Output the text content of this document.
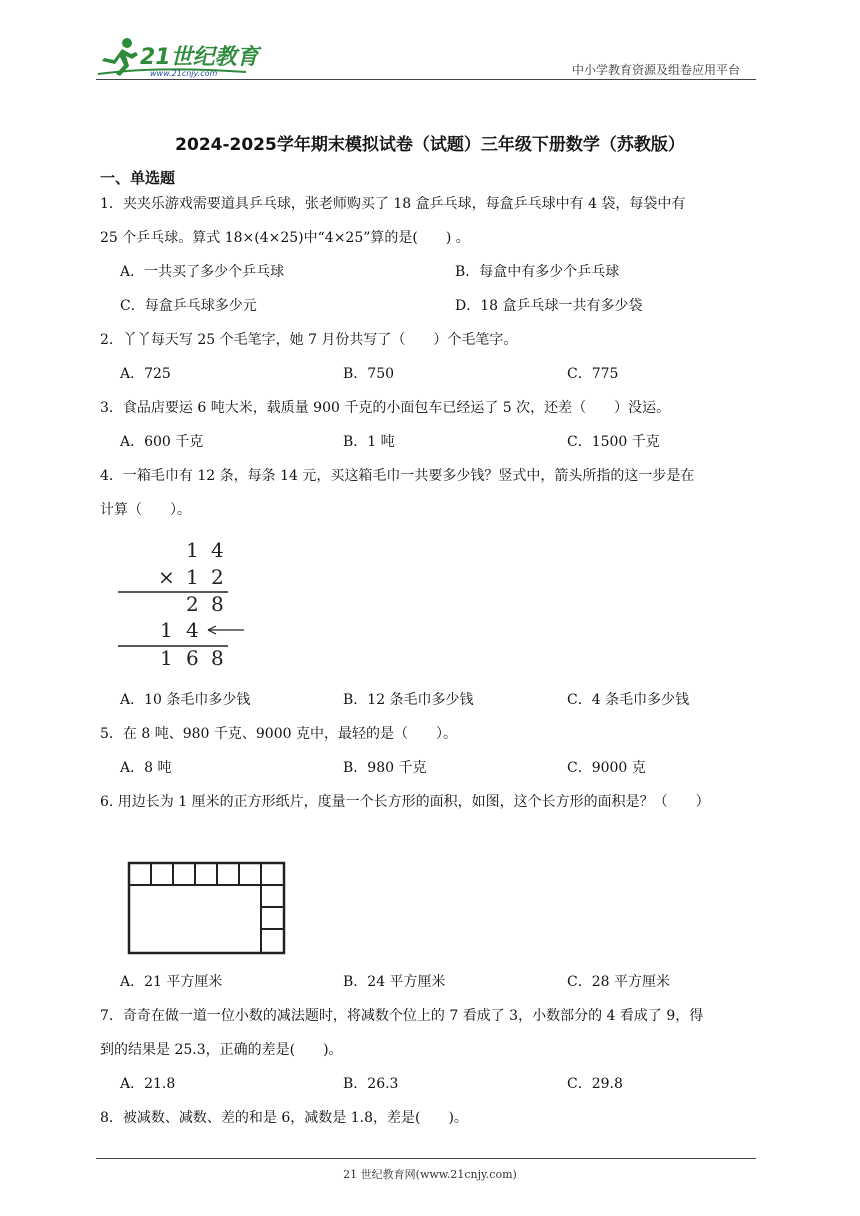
21世纪教育
www.21cnjy.com	中小学教育资源及组卷应用平台
2024-2025学年期末模拟试卷（试题）三年级下册数学（苏教版）
一、单选题
1．夹夹乐游戏需要道具乒乓球，张老师购买了 18 盒乒乓球，每盒乒乓球中有 4 袋，每袋中有
25 个乒乓球。算式 18×(4×25)中“4×25”算的是(　　) 。
A．一共买了多少个乒乓球	B．每盒中有多少个乒乓球
C．每盒乒乓球多少元	D．18 盒乒乓球一共有多少袋
2．丫丫每天写 25 个毛笔字，她 7 月份共写了（　　）个毛笔字。
A．725	B．750	C．775
3．食品店要运 6 吨大米，载质量 900 千克的小面包车已经运了 5 次，还差（　　）没运。
A．600 千克	B．1 吨	C．1500 千克
4．一箱毛巾有 12 条，每条 14 元，买这箱毛巾一共要多少钱？竖式中，箭头所指的这一步是在
计算（　　）。
1 4
× 1 2
2 8
1 4
1 6 8
A．10 条毛巾多少钱	B．12 条毛巾多少钱	C．4 条毛巾多少钱
5．在 8 吨、980 千克、9000 克中，最轻的是（　　）。
A．8 吨	B．980 千克	C．9000 克
6. 用边长为 1 厘米的正方形纸片，度量一个长方形的面积，如图，这个长方形的面积是？（　　）
A．21 平方厘米	B．24 平方厘米	C．28 平方厘米
7．奇奇在做一道一位小数的减法题时，将减数个位上的 7 看成了 3，小数部分的 4 看成了 9，得
到的结果是 25.3，正确的差是(　　)。
A．21.8	B．26.3	C．29.8
8．被减数、减数、差的和是 6，减数是 1.8，差是(　　)。
21 世纪教育网(www.21cnjy.com)
